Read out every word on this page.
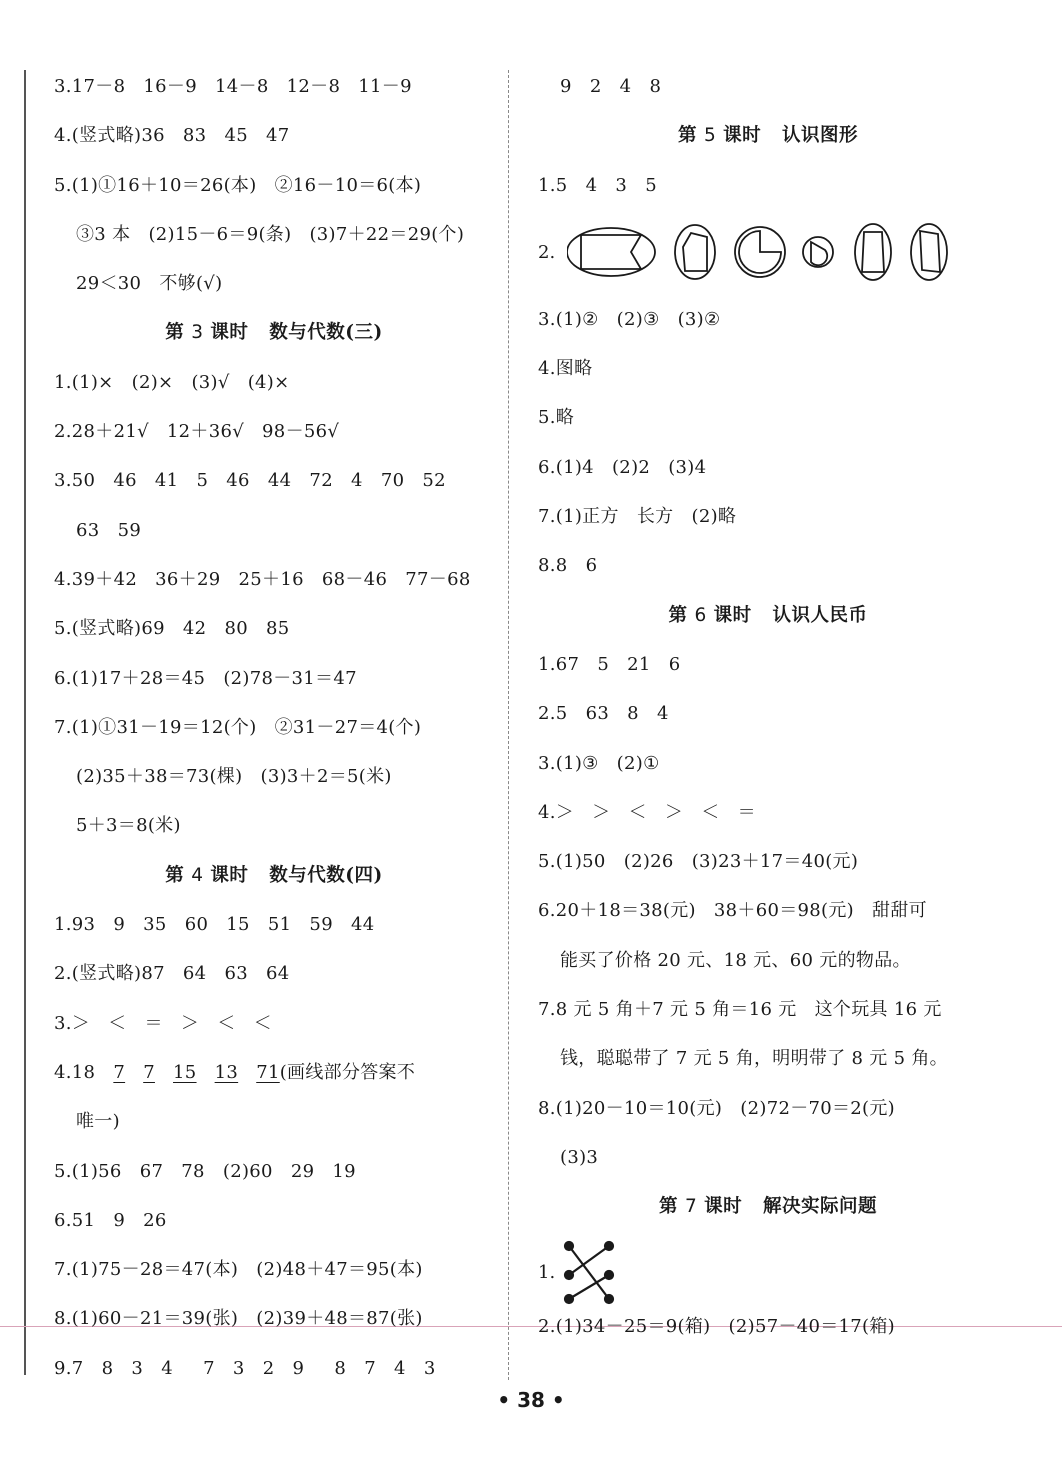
3.17－8   16－9   14－8   12－8   11－9
4.(竖式略)36   83   45   47
5.(1)①16＋10＝26(本)   ②16－10＝6(本)
③3 本   (2)15－6＝9(条)   (3)7＋22＝29(个)
29＜30   不够(√)
第 3 课时   数与代数(三)
1.(1)×   (2)×   (3)√   (4)×
2.28＋21√   12＋36√   98－56√
3.50   46   41   5   46   44   72   4   70   52
63   59
4.39＋42   36＋29   25＋16   68－46   77－68
5.(竖式略)69   42   80   85
6.(1)17＋28＝45   (2)78－31＝47
7.(1)①31－19＝12(个)   ②31－27＝4(个)
(2)35＋38＝73(棵)   (3)3＋2＝5(米)
5＋3＝8(米)
第 4 课时   数与代数(四)
1.93   9   35   60   15   51   59   44
2.(竖式略)87   64   63   64
3.＞   ＜   ＝   ＞   ＜   ＜
4.18   7 7 15 13 71(画线部分答案不
唯一)
5.(1)56   67   78   (2)60   29   19
6.51   9   26
7.(1)75－28＝47(本)   (2)48＋47＝95(本)
8.(1)60－21＝39(张)   (2)39＋48＝87(张)
9.7   8   3   4     7   3   2   9     8   7   4   3
9   2   4   8
第 5 课时   认识图形
1.5   4   3   5
2.
3.(1)②   (2)③   (3)②
4.图略
5.略
6.(1)4   (2)2   (3)4
7.(1)正方   长方   (2)略
8.8   6
第 6 课时   认识人民币
1.67   5   21   6
2.5   63   8   4
3.(1)③   (2)①
4.＞   ＞   ＜   ＞   ＜   ＝
5.(1)50   (2)26   (3)23＋17＝40(元)
6.20＋18＝38(元)   38＋60＝98(元)   甜甜可
能买了价格 20 元、18 元、60 元的物品。
7.8 元 5 角＋7 元 5 角＝16 元   这个玩具 16 元
钱，聪聪带了 7 元 5 角，明明带了 8 元 5 角。
8.(1)20－10＝10(元)   (2)72－70＝2(元)
(3)3
第 7 课时   解决实际问题
1.
2.(1)34－25＝9(箱)   (2)57－40＝17(箱)
• 38 •
